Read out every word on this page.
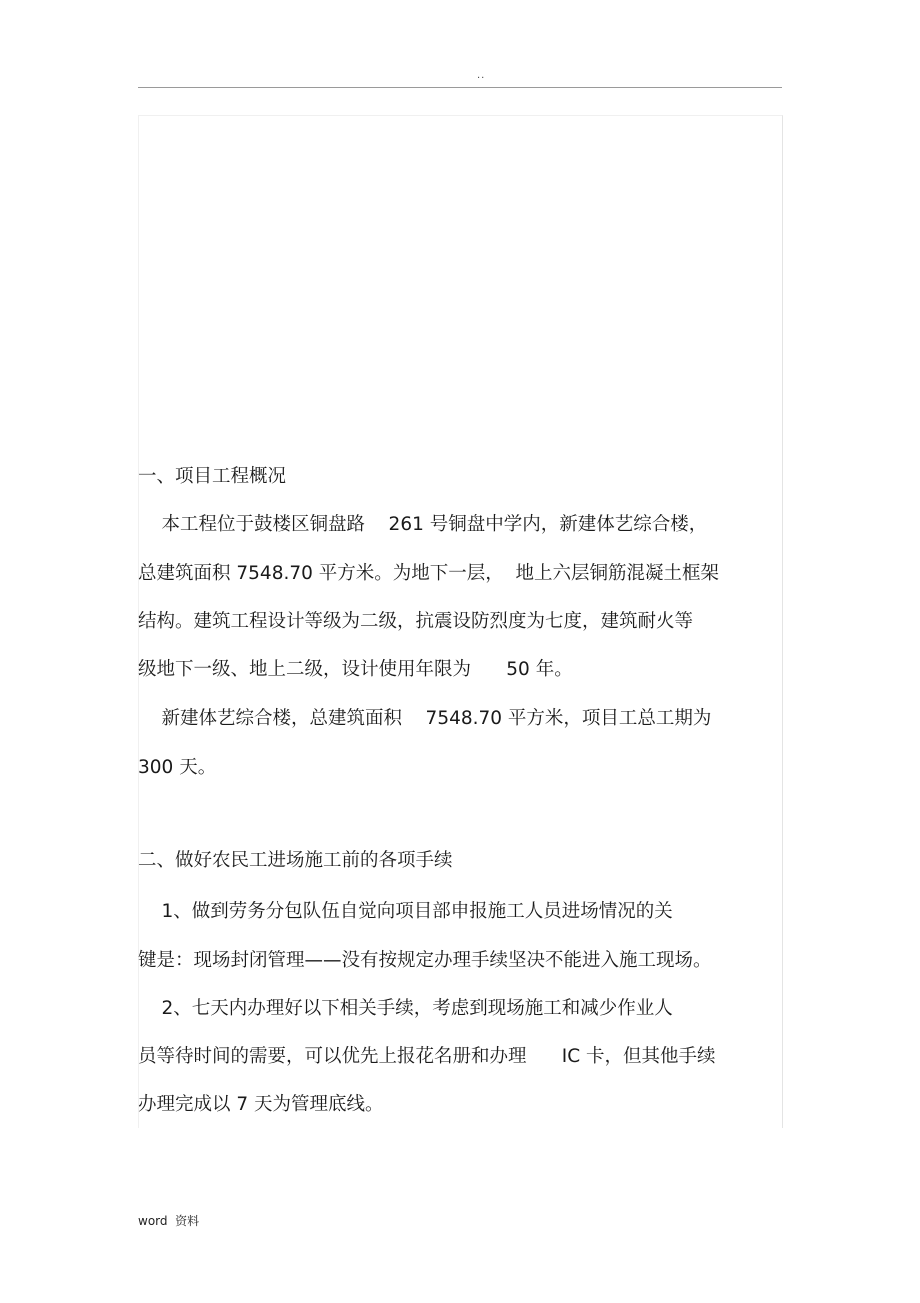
..
一、项目工程概况
本工程位于鼓楼区铜盘路    261 号铜盘中学内，新建体艺综合楼，
总建筑面积 7548.70 平方米。为地下一层，  地上六层铜筋混凝土框架
结构。建筑工程设计等级为二级，抗震设防烈度为七度，建筑耐火等
级地下一级、地上二级，设计使用年限为      50 年。
新建体艺综合楼，总建筑面积    7548.70 平方米，项目工总工期为
300 天。
二、做好农民工进场施工前的各项手续
1、做到劳务分包队伍自觉向项目部申报施工人员进场情况的关
键是：现场封闭管理——没有按规定办理手续坚决不能进入施工现场。
2、七天内办理好以下相关手续，考虑到现场施工和减少作业人
员等待时间的需要，可以优先上报花名册和办理      IC 卡，但其他手续
办理完成以 7 天为管理底线。
word  资料
